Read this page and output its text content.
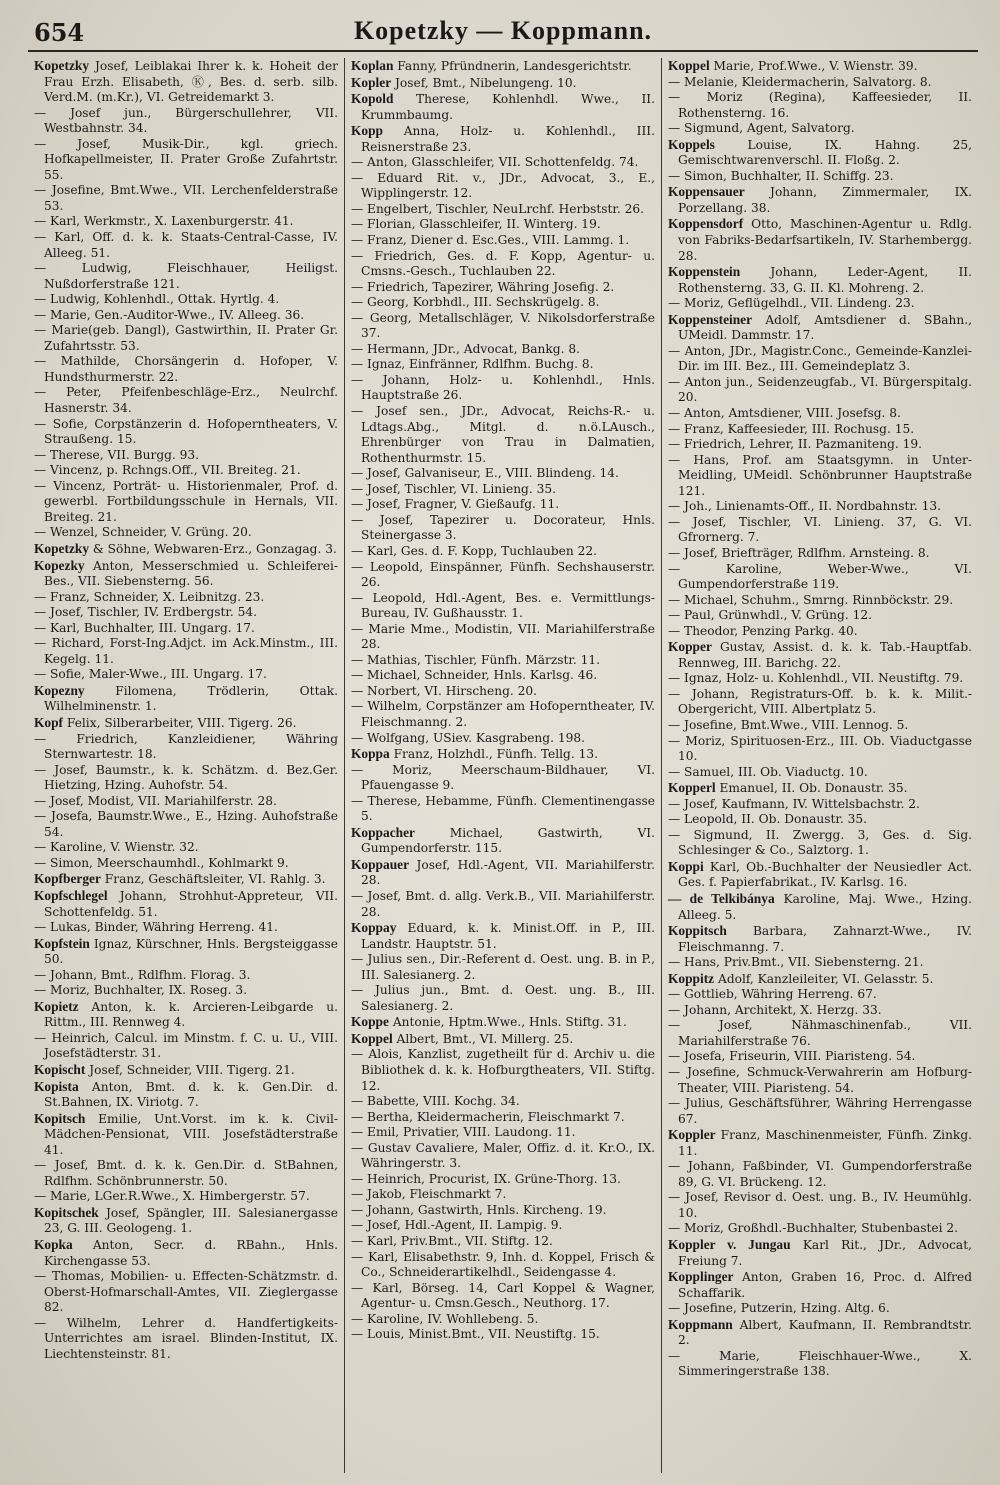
654	Kopetzky — Koppmann.

Kopetzky Josef, Leiblakai Ihrer k. k. Hoheit der Frau Erzh. Elisabeth, Ⓚ, Bes. d. serb. silb. Verd.M. (m.Kr.), VI. Getreidemarkt 3.

— Josef jun., Bürgerschullehrer, VII. Westbahnstr. 34.

— Josef, Musik-Dir., kgl. griech. Hofkapellmeister, II. Prater Große Zufahrtstr. 55.

— Josefine, Bmt.Wwe., VII. Lerchenfelderstraße 53.

— Karl, Werkmstr., X. Laxenburgerstr. 41.

— Karl, Off. d. k. k. Staats-Central-Casse, IV. Alleeg. 51.

— Ludwig, Fleischhauer, Heiligst. Nußdorferstraße 121.

— Ludwig, Kohlenhdl., Ottak. Hyrtlg. 4.

— Marie, Gen.-Auditor-Wwe., IV. Alleeg. 36.

— Marie(geb. Dangl), Gastwirthin, II. Prater Gr. Zufahrtsstr. 53.

— Mathilde, Chorsängerin d. Hofoper, V. Hundsthurmerstr. 22.

— Peter, Pfeifenbeschläge-Erz., Neulrchf. Hasnerstr. 34.

— Sofie, Corpstänzerin d. Hofoperntheaters, V. Straußeng. 15.

— Therese, VII. Burgg. 93.

— Vincenz, p. Rchngs.Off., VII. Breiteg. 21.

— Vincenz, Porträt- u. Historienmaler, Prof. d. gewerbl. Fortbildungsschule in Hernals, VII. Breiteg. 21.

— Wenzel, Schneider, V. Grüng. 20.

Kopetzky & Söhne, Webwaren-Erz., Gonzagag. 3.

Kopezky Anton, Messerschmied u. Schleiferei-Bes., VII. Siebensterng. 56.

— Franz, Schneider, X. Leibnitzg. 23.

— Josef, Tischler, IV. Erdbergstr. 54.

— Karl, Buchhalter, III. Ungarg. 17.

— Richard, Forst-Ing.Adjct. im Ack.Minstm., III. Kegelg. 11.

— Sofie, Maler-Wwe., III. Ungarg. 17.

Kopezny Filomena, Trödlerin, Ottak. Wilhelminenstr. 1.

Kopf Felix, Silberarbeiter, VIII. Tigerg. 26.

— Friedrich, Kanzleidiener, Währing Sternwartestr. 18.

— Josef, Baumstr., k. k. Schätzm. d. Bez.Ger. Hietzing, Hzing. Auhofstr. 54.

— Josef, Modist, VII. Mariahilferstr. 28.

— Josefa, Baumstr.Wwe., E., Hzing. Auhofstraße 54.

— Karoline, V. Wienstr. 32.

— Simon, Meerschaumhdl., Kohlmarkt 9.

Kopfberger Franz, Geschäftsleiter, VI. Rahlg. 3.

Kopfschlegel Johann, Strohhut-Appreteur, VII. Schottenfeldg. 51.

— Lukas, Binder, Währing Herreng. 41.

Kopfstein Ignaz, Kürschner, Hnls. Bergsteiggasse 50.

— Johann, Bmt., Rdlfhm. Florag. 3.

— Moriz, Buchhalter, IX. Roseg. 3.

Kopietz Anton, k. k. Arcieren-Leibgarde u. Rittm., III. Rennweg 4.

— Heinrich, Calcul. im Minstm. f. C. u. U., VIII. Josefstädterstr. 31.

Kopischt Josef, Schneider, VIII. Tigerg. 21.

Kopista Anton, Bmt. d. k. k. Gen.Dir. d. St.Bahnen, IX. Viriotg. 7.

Kopitsch Emilie, Unt.Vorst. im k. k. Civil-Mädchen-Pensionat, VIII. Josefstädterstraße 41.

— Josef, Bmt. d. k. k. Gen.Dir. d. StBahnen, Rdlfhm. Schönbrunnerstr. 50.

— Marie, LGer.R.Wwe., X. Himbergerstr. 57.

Kopitschek Josef, Spängler, III. Salesianergasse 23, G. III. Geologeng. 1.

Kopka Anton, Secr. d. RBahn., Hnls. Kirchengasse 53.

— Thomas, Mobilien- u. Effecten-Schätzmstr. d. Oberst-Hofmarschall-Amtes, VII. Zieglergasse 82.

— Wilhelm, Lehrer d. Handfertigkeits-Unterrichtes am israel. Blinden-Institut, IX. Liechtensteinstr. 81.

Koplan Fanny, Pfründnerin, Landesgerichtstr.

Kopler Josef, Bmt., Nibelungeng. 10.

Kopold Therese, Kohlenhdl. Wwe., II. Krummbaumg.

Kopp Anna, Holz- u. Kohlenhdl., III. Reisnerstraße 23.

— Anton, Glasschleifer, VII. Schottenfeldg. 74.

— Eduard Rit. v., JDr., Advocat, 3., E., Wipplingerstr. 12.

— Engelbert, Tischler, NeuLrchf. Herbststr. 26.

— Florian, Glasschleifer, II. Winterg. 19.

— Franz, Diener d. Esc.Ges., VIII. Lammg. 1.

— Friedrich, Ges. d. F. Kopp, Agentur- u. Cmsns.-Gesch., Tuchlauben 22.

— Friedrich, Tapezirer, Währing Josefig. 2.

— Georg, Korbhdl., III. Sechskrügelg. 8.

— Georg, Metallschläger, V. Nikolsdorferstraße 37.

— Hermann, JDr., Advocat, Bankg. 8.

— Ignaz, Einfränner, Rdlfhm. Buchg. 8.

— Johann, Holz- u. Kohlenhdl., Hnls. Hauptstraße 26.

— Josef sen., JDr., Advocat, Reichs-R.- u. Ldtags.Abg., Mitgl. d. n.ö.LAusch., Ehrenbürger von Trau in Dalmatien, Rothenthurmstr. 15.

— Josef, Galvaniseur, E., VIII. Blindeng. 14.

— Josef, Tischler, VI. Linieng. 35.

— Josef, Fragner, V. Gießaufg. 11.

— Josef, Tapezirer u. Docorateur, Hnls. Steinergasse 3.

— Karl, Ges. d. F. Kopp, Tuchlauben 22.

— Leopold, Einspänner, Fünfh. Sechshauserstr. 26.

— Leopold, Hdl.-Agent, Bes. e. Vermittlungs-Bureau, IV. Gußhausstr. 1.

— Marie Mme., Modistin, VII. Mariahilferstraße 28.

— Mathias, Tischler, Fünfh. Märzstr. 11.

— Michael, Schneider, Hnls. Karlsg. 46.

— Norbert, VI. Hirscheng. 20.

— Wilhelm, Corpstänzer am Hofoperntheater, IV. Fleischmanng. 2.

— Wolfgang, USiev. Kasgrabeng. 198.

Koppa Franz, Holzhdl., Fünfh. Tellg. 13.

— Moriz, Meerschaum-Bildhauer, VI. Pfauengasse 9.

— Therese, Hebamme, Fünfh. Clementinengasse 5.

Koppacher Michael, Gastwirth, VI. Gumpendorferstr. 115.

Koppauer Josef, Hdl.-Agent, VII. Mariahilferstr. 28.

— Josef, Bmt. d. allg. Verk.B., VII. Mariahilferstr. 28.

Koppay Eduard, k. k. Minist.Off. in P., III. Landstr. Hauptstr. 51.

— Julius sen., Dir.-Referent d. Oest. ung. B. in P., III. Salesianerg. 2.

— Julius jun., Bmt. d. Oest. ung. B., III. Salesianerg. 2.

Koppe Antonie, Hptm.Wwe., Hnls. Stiftg. 31.

Koppel Albert, Bmt., VI. Millerg. 25.

— Alois, Kanzlist, zugetheilt für d. Archiv u. die Bibliothek d. k. k. Hofburgtheaters, VII. Stiftg. 12.

— Babette, VIII. Kochg. 34.

— Bertha, Kleidermacherin, Fleischmarkt 7.

— Emil, Privatier, VIII. Laudong. 11.

— Gustav Cavaliere, Maler, Offiz. d. it. Kr.O., IX. Währingerstr. 3.

— Heinrich, Procurist, IX. Grüne-Thorg. 13.

— Jakob, Fleischmarkt 7.

— Johann, Gastwirth, Hnls. Kircheng. 19.

— Josef, Hdl.-Agent, II. Lampig. 9.

— Karl, Priv.Bmt., VII. Stiftg. 12.

— Karl, Elisabethstr. 9, Inh. d. Koppel, Frisch & Co., Schneiderartikelhdl., Seidengasse 4.

— Karl, Börseg. 14, Carl Koppel & Wagner, Agentur- u. Cmsn.Gesch., Neuthorg. 17.

— Karoline, IV. Wohllebeng. 5.

— Louis, Minist.Bmt., VII. Neustiftg. 15.

Koppel Marie, Prof.Wwe., V. Wienstr. 39.

— Melanie, Kleidermacherin, Salvatorg. 8.

— Moriz (Regina), Kaffeesieder, II. Rothensterng. 16.

— Sigmund, Agent, Salvatorg.

Koppels Louise, IX. Hahng. 25, Gemischtwarenverschl. II. Floßg. 2.

— Simon, Buchhalter, II. Schiffg. 23.

Koppensauer Johann, Zimmermaler, IX. Porzellang. 38.

Koppensdorf Otto, Maschinen-Agentur u. Rdlg. von Fabriks-Bedarfsartikeln, IV. Starhembergg. 28.

Koppenstein Johann, Leder-Agent, II. Rothensterng. 33, G. II. Kl. Mohreng. 2.

— Moriz, Geflügelhdl., VII. Lindeng. 23.

Koppensteiner Adolf, Amtsdiener d. SBahn., UMeidl. Dammstr. 17.

— Anton, JDr., Magistr.Conc., Gemeinde-Kanzlei-Dir. im III. Bez., III. Gemeindeplatz 3.

— Anton jun., Seidenzeugfab., VI. Bürgerspitalg. 20.

— Anton, Amtsdiener, VIII. Josefsg. 8.

— Franz, Kaffeesieder, III. Rochusg. 15.

— Friedrich, Lehrer, II. Pazmaniteng. 19.

— Hans, Prof. am Staatsgymn. in Unter-Meidling, UMeidl. Schönbrunner Hauptstraße 121.

— Joh., Linienamts-Off., II. Nordbahnstr. 13.

— Josef, Tischler, VI. Linieng. 37, G. VI. Gfrornerg. 7.

— Josef, Briefträger, Rdlfhm. Arnsteing. 8.

— Karoline, Weber-Wwe., VI. Gumpendorferstraße 119.

— Michael, Schuhm., Smrng. Rinnböckstr. 29.

— Paul, Grünwhdl., V. Grüng. 12.

— Theodor, Penzing Parkg. 40.

Kopper Gustav, Assist. d. k. k. Tab.-Hauptfab. Rennweg, III. Barichg. 22.

— Ignaz, Holz- u. Kohlenhdl., VII. Neustiftg. 79.

— Johann, Registraturs-Off. b. k. k. Milit.-Obergericht, VIII. Albertplatz 5.

— Josefine, Bmt.Wwe., VIII. Lennog. 5.

— Moriz, Spirituosen-Erz., III. Ob. Viaductgasse 10.

— Samuel, III. Ob. Viaductg. 10.

Kopperl Emanuel, II. Ob. Donaustr. 35.

— Josef, Kaufmann, IV. Wittelsbachstr. 2.

— Leopold, II. Ob. Donaustr. 35.

— Sigmund, II. Zwergg. 3, Ges. d. Sig. Schlesinger & Co., Salztorg. 1.

Koppi Karl, Ob.-Buchhalter der Neusiedler Act. Ges. f. Papierfabrikat., IV. Karlsg. 16.

— de Telkibánya Karoline, Maj. Wwe., Hzing. Alleeg. 5.

Koppitsch Barbara, Zahnarzt-Wwe., IV. Fleischmanng. 7.

— Hans, Priv.Bmt., VII. Siebensterng. 21.

Koppitz Adolf, Kanzleileiter, VI. Gelasstr. 5.

— Gottlieb, Währing Herreng. 67.

— Johann, Architekt, X. Herzg. 33.

— Josef, Nähmaschinenfab., VII. Mariahilferstraße 76.

— Josefa, Friseurin, VIII. Piaristeng. 54.

— Josefine, Schmuck-Verwahrerin am Hofburg-Theater, VIII. Piaristeng. 54.

— Julius, Geschäftsführer, Währing Herrengasse 67.

Koppler Franz, Maschinenmeister, Fünfh. Zinkg. 11.

— Johann, Faßbinder, VI. Gumpendorferstraße 89, G. VI. Brückeng. 12.

— Josef, Revisor d. Oest. ung. B., IV. Heumühlg. 10.

— Moriz, Großhdl.-Buchhalter, Stubenbastei 2.

Koppler v. Jungau Karl Rit., JDr., Advocat, Freiung 7.

Kopplinger Anton, Graben 16, Proc. d. Alfred Schaffarik.

— Josefine, Putzerin, Hzing. Altg. 6.

Koppmann Albert, Kaufmann, II. Rembrandtstr. 2.

— Marie, Fleischhauer-Wwe., X. Simmeringerstraße 138.
